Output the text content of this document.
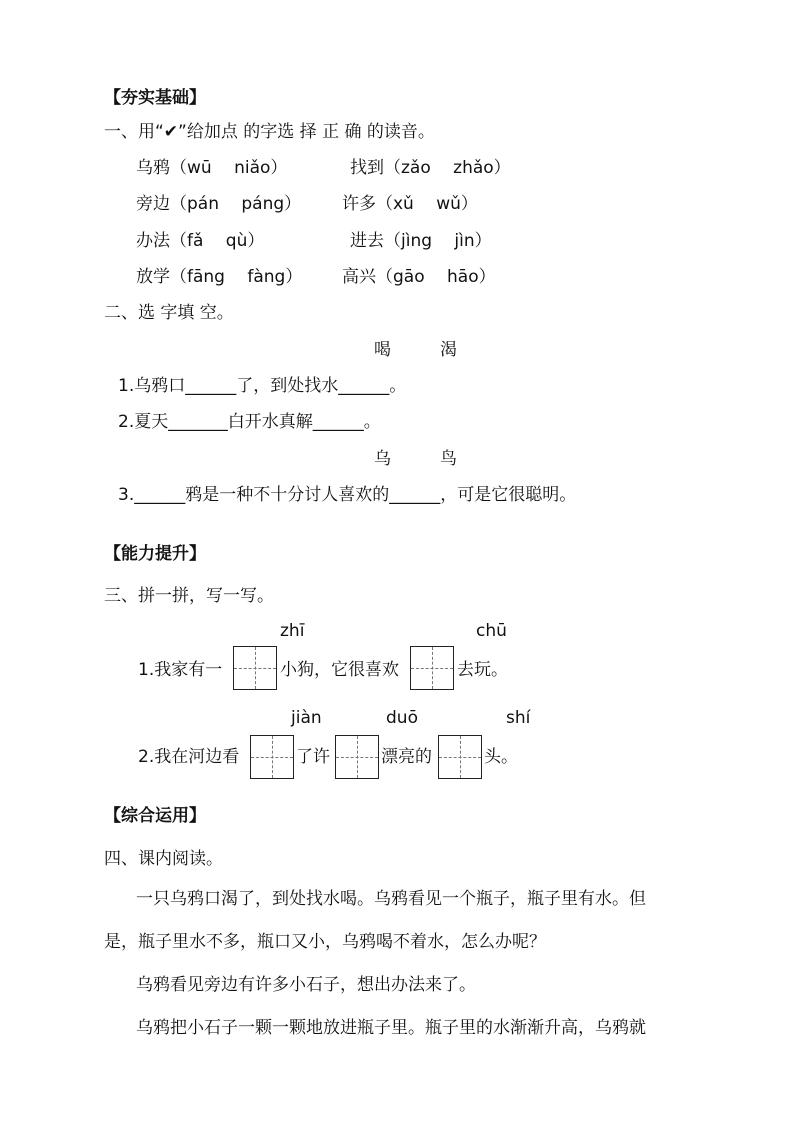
【夯实基础】
一、用“✔”给加点 的字选 择 正 确 的读音。
乌鸦（wū　 niǎo）	找到（zǎo　 zhǎo）
旁边（pán　 páng） 许多（xǔ　 wǔ）
办法（fǎ　 qù）	进去（jìng　 jìn）
放学（fāng　 fàng） 高兴（gāo　 hāo）
二、选 字填 空。
喝	渴
1.乌鸦口______了，到处找水______。
2.夏天_______白开水真解______。
乌	鸟
3.______鸦是一种不十分讨人喜欢的______，可是它很聪明。
【能力提升】
三、拼一拼，写一写。
zhī	chū
1.我家有一	小狗，它很喜欢	去玩。
jiàn	duō	shí
2.我在河边看	了许	漂亮的	头。
【综合运用】
四、课内阅读。
一只乌鸦口渴了，到处找水喝。乌鸦看见一个瓶子，瓶子里有水。但
是，瓶子里水不多，瓶口又小，乌鸦喝不着水，怎么办呢？
乌鸦看见旁边有许多小石子，想出办法来了。
乌鸦把小石子一颗一颗地放进瓶子里。瓶子里的水渐渐升高，乌鸦就
